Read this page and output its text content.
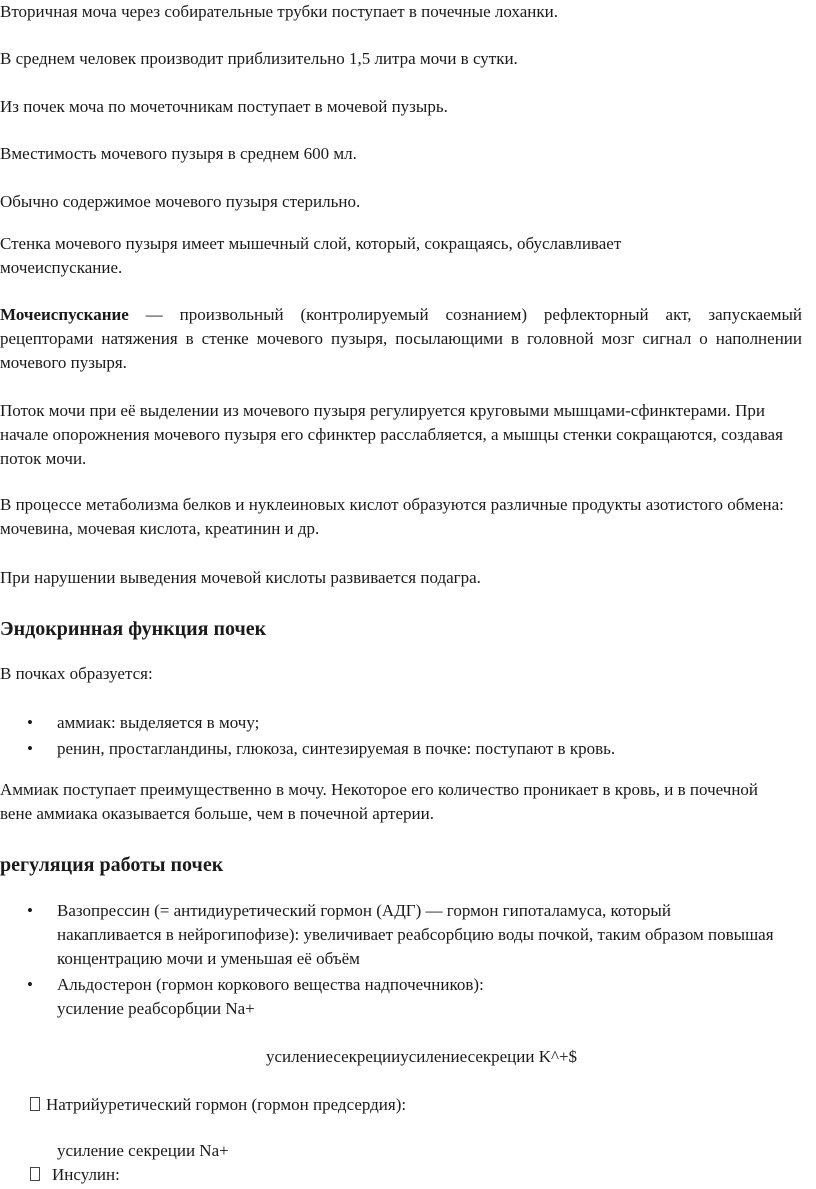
Вторичная моча через собирательные трубки поступает в почечные лоханки.

В среднем человек производит приблизительно 1,5 литра мочи в сутки.

Из почек моча по мочеточникам поступает в мочевой пузырь.

Вместимость мочевого пузыря в среднем 600 мл.

Обычно содержимое мочевого пузыря стерильно.

Стенка мочевого пузыря имеет мышечный слой, который, сокращаясь, обуславливает мочеиспускание.

Мочеиспускание — произвольный (контролируемый сознанием) рефлекторный акт, запускаемый рецепторами натяжения в стенке мочевого пузыря, посылающими в головной мозг сигнал о наполнении мочевого пузыря.

Поток мочи при её выделении из мочевого пузыря регулируется круговыми мышцами-сфинктерами. При начале опорожнения мочевого пузыря его сфинктер расслабляется, а мышцы стенки сокращаются, создавая поток мочи.

В процессе метаболизма белков и нуклеиновых кислот образуются различные продукты азотистого обмена: мочевина, мочевая кислота, креатинин и др.

При нарушении выведения мочевой кислоты развивается подагра.

Эндокринная функция почек

В почках образуется:

• аммиак: выделяется в мочу;
• ренин, простагландины, глюкоза, синтезируемая в почке: поступают в кровь.

Аммиак поступает преимущественно в мочу. Некоторое его количество проникает в кровь, и в почечной вене аммиака оказывается больше, чем в почечной артерии.

регуляция работы почек
• Вазопрессин (= антидиуретический гормон (АДГ) — гормон гипоталамуса, который накапливается в нейрогипофизе): увеличивает реабсорбцию воды почкой, таким образом повышая концентрацию мочи и уменьшая её объём
• Альдостерон (гормон коркового вещества надпочечников):

усиление реабсорбции Na+

усилениесекрецииусилениесекреции K^+$

Натрийуретический гормон (гормон предсердия):

усиление секреции Na+

Инсулин:
